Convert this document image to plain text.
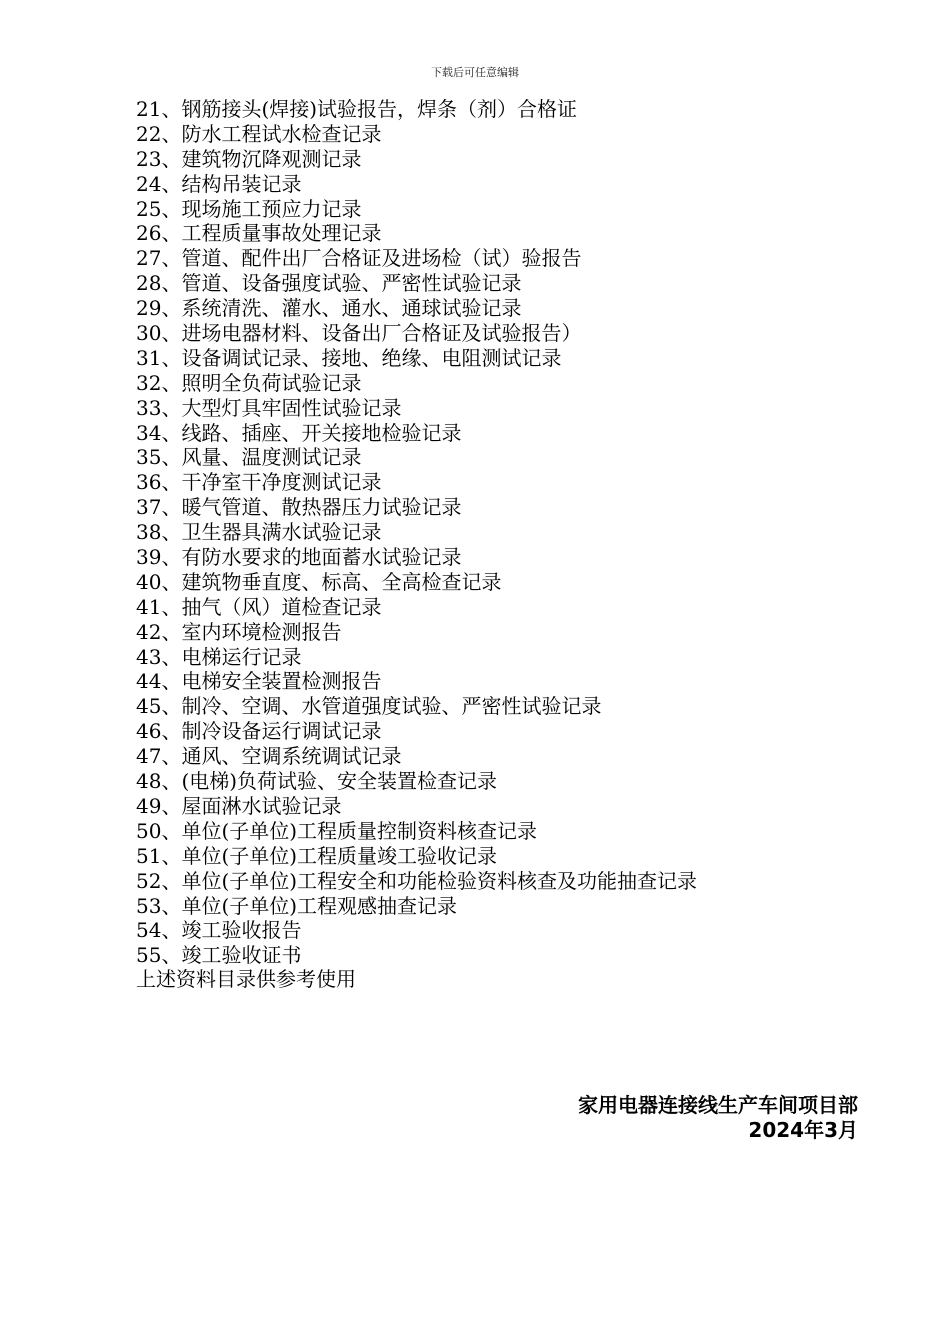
下载后可任意编辑
21、钢筋接头(焊接)试验报告，焊条（剂）合格证
22、防水工程试水检查记录
23、建筑物沉降观测记录
24、结构吊装记录
25、现场施工预应力记录
26、工程质量事故处理记录
27、管道、配件出厂合格证及进场检（试）验报告
28、管道、设备强度试验、严密性试验记录
29、系统清洗、灌水、通水、通球试验记录
30、进场电器材料、设备出厂合格证及试验报告）
31、设备调试记录、接地、绝缘、电阻测试记录
32、照明全负荷试验记录
33、大型灯具牢固性试验记录
34、线路、插座、开关接地检验记录
35、风量、温度测试记录
36、干净室干净度测试记录
37、暖气管道、散热器压力试验记录
38、卫生器具满水试验记录
39、有防水要求的地面蓄水试验记录
40、建筑物垂直度、标高、全高检查记录
41、抽气（风）道检查记录
42、室内环境检测报告
43、电梯运行记录
44、电梯安全装置检测报告
45、制冷、空调、水管道强度试验、严密性试验记录
46、制冷设备运行调试记录
47、通风、空调系统调试记录
48、(电梯)负荷试验、安全装置检查记录
49、屋面淋水试验记录
50、单位(子单位)工程质量控制资料核查记录
51、单位(子单位)工程质量竣工验收记录
52、单位(子单位)工程安全和功能检验资料核查及功能抽查记录
53、单位(子单位)工程观感抽查记录
54、竣工验收报告
55、竣工验收证书
上述资料目录供参考使用
家用电器连接线生产车间项目部
2024年3月
